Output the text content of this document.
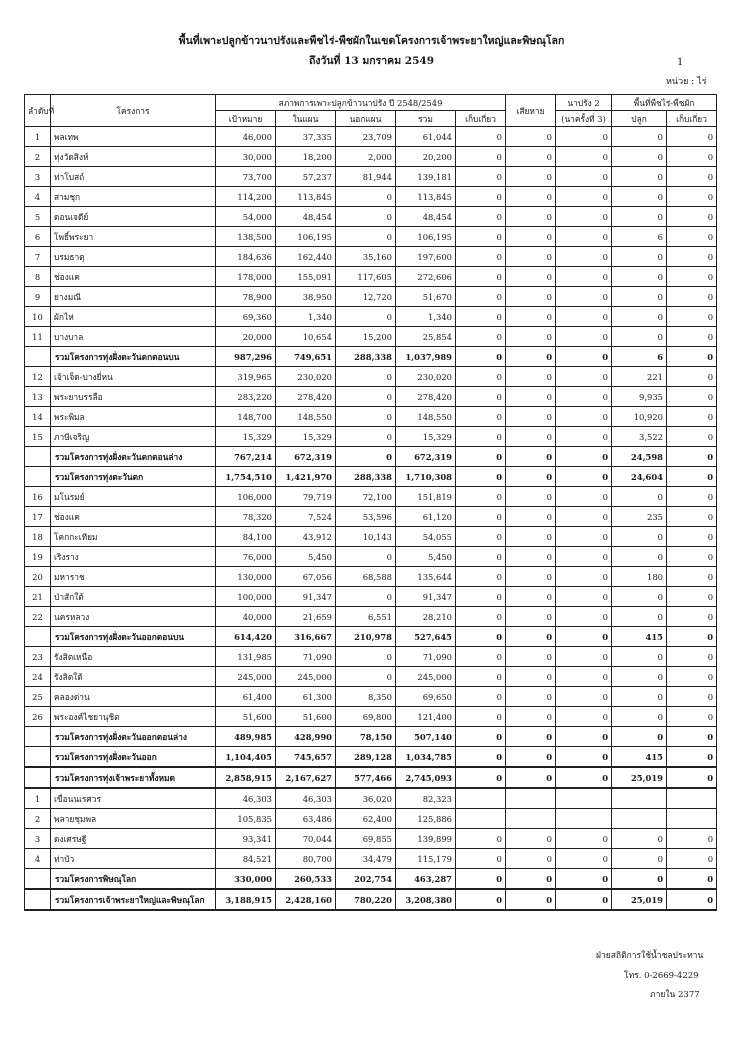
พื้นที่เพาะปลูกข้าวนาปรังและพืชไร่-พืชผักในเขตโครงการเจ้าพระยาใหญ่และพิษณุโลก
ถึงวันที่ 13 มกราคม 2549	1
หน่วย : ไร่
ลำดับที่	โครงการ	สภาพการเพาะปลูกข้าวนาปรัง ปี 2548/2549					เสียหาย	นาปรัง 2	พื้นที่พืชไร่-พืชผัก	
		เป้าหมาย	ในแผน	นอกแผน	รวม	เก็บเกี่ยว		(นาครั้งที่ 3)	ปลูก	เก็บเกี่ยว
1	พลเทพ	46,000	37,335	23,709	61,044	0	0	0	0	0
2	ทุ่งวัดสิงห์	30,000	18,200	2,000	20,200	0	0	0	0	0
3	ท่าโบสถ์	73,700	57,237	81,944	139,181	0	0	0	0	0
4	สามชุก	114,200	113,845	0	113,845	0	0	0	0	0
5	ดอนเจดีย์	54,000	48,454	0	48,454	0	0	0	0	0
6	โพธิ์พระยา	138,500	106,195	0	106,195	0	0	0	6	0
7	บรมธาตุ	184,636	162,440	35,160	197,600	0	0	0	0	0
8	ช่องแค	178,000	155,091	117,605	272,606	0	0	0	0	0
9	ยางมณี	78,900	38,950	12,720	51,670	0	0	0	0	0
10	ผักไห่	69,360	1,340	0	1,340	0	0	0	0	0
11	บางบาล	20,000	10,654	15,200	25,854	0	0	0	0	0
	รวมโครงการทุ่งฝั่งตะวันตกตอนบน	987,296	749,651	288,338	1,037,989	0	0	0	6	0
12	เจ้าเจ็ด-บางยี่หน	319,965	230,020	0	230,020	0	0	0	221	0
13	พระยาบรรลือ	283,220	278,420	0	278,420	0	0	0	9,935	0
14	พระพิมล	148,700	148,550	0	148,550	0	0	0	10,920	0
15	ภาษีเจริญ	15,329	15,329	0	15,329	0	0	0	3,522	0
	รวมโครงการทุ่งฝั่งตะวันตกตอนล่าง	767,214	672,319	0	672,319	0	0	0	24,598	0
	รวมโครงการทุ่งตะวันตก	1,754,510	1,421,970	288,338	1,710,308	0	0	0	24,604	0
16	มโนรมย์	106,000	79,719	72,100	151,819	0	0	0	0	0
17	ช่องแค	78,320	7,524	53,596	61,120	0	0	0	235	0
18	โคกกะเทียม	84,100	43,912	10,143	54,055	0	0	0	0	0
19	เริงราง	76,000	5,450	0	5,450	0	0	0	0	0
20	มหาราช	130,000	67,056	68,588	135,644	0	0	0	180	0
21	ป่าสักใต้	100,000	91,347	0	91,347	0	0	0	0	0
22	นครหลวง	40,000	21,659	6,551	28,210	0	0	0	0	0
	รวมโครงการทุ่งฝั่งตะวันออกตอนบน	614,420	316,667	210,978	527,645	0	0	0	415	0
23	รังสิตเหนือ	131,985	71,090	0	71,090	0	0	0	0	0
24	รังสิตใต้	245,000	245,000	0	245,000	0	0	0	0	0
25	คลองด่าน	61,400	61,300	8,350	69,650	0	0	0	0	0
26	พระองค์ไชยานุชิต	51,600	51,600	69,800	121,400	0	0	0	0	0
	รวมโครงการทุ่งฝั่งตะวันออกตอนล่าง	489,985	428,990	78,150	507,140	0	0	0	0	0
	รวมโครงการทุ่งฝั่งตะวันออก	1,104,405	745,657	289,128	1,034,785	0	0	0	415	0
	รวมโครงการทุ่งเจ้าพระยาทั้งหมด	2,858,915	2,167,627	577,466	2,745,093	0	0	0	25,019	0
1	เขื่อนนเรศวร	46,303	46,303	36,020	82,323					
2	พลายชุมพล	105,835	63,486	62,400	125,886					
3	ดงเศรษฐี	93,341	70,044	69,855	139,899	0	0	0	0	0
4	ท่าบัว	84,521	80,700	34,479	115,179	0	0	0	0	0
	รวมโครงการพิษณุโลก	330,000	260,533	202,754	463,287	0	0	0	0	0
	รวมโครงการเจ้าพระยาใหญ่และพิษณุโลก	3,188,915	2,428,160	780,220	3,208,380	0	0	0	25,019	0
ฝ่ายสถิติการใช้น้ำชลประทาน
โทร. 0-2669-4229
ภายใน 2377
